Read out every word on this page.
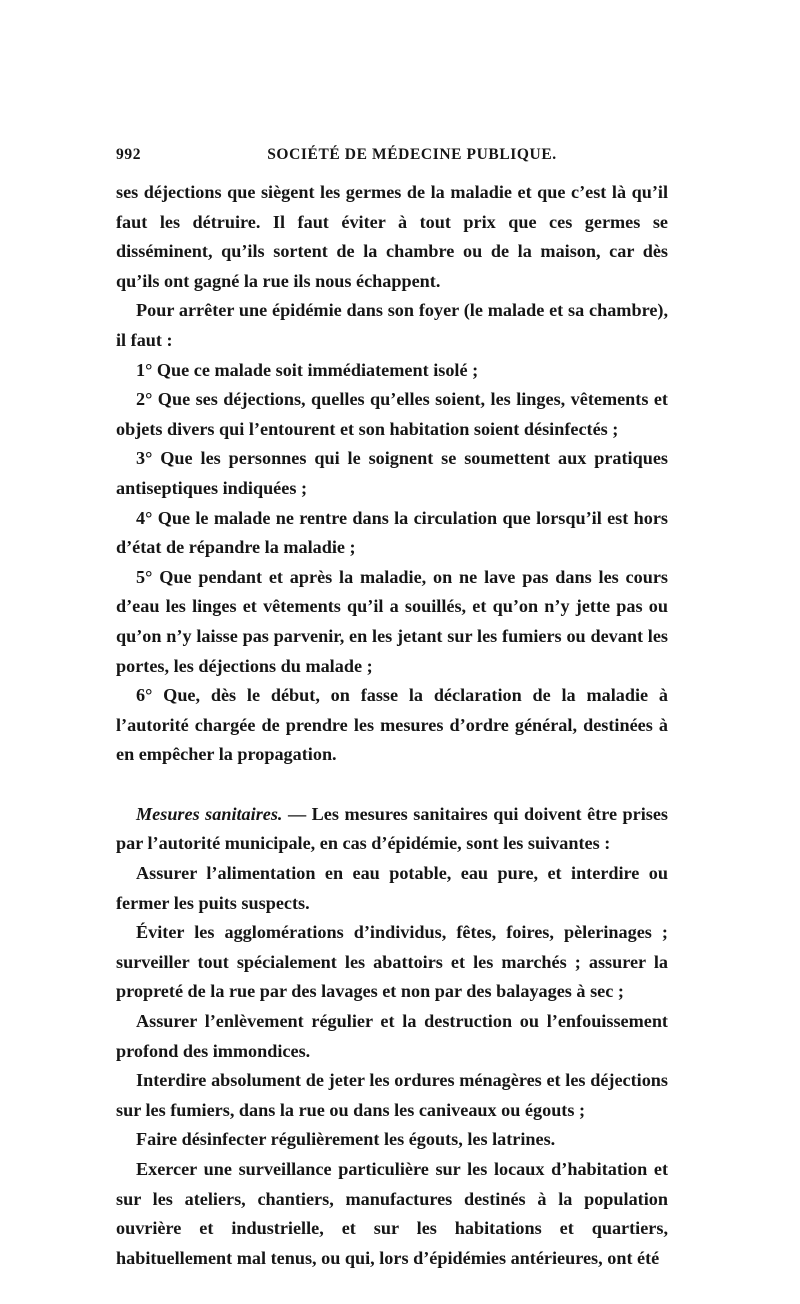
992	SOCIÉTÉ DE MÉDECINE PUBLIQUE.

ses déjections que siègent les germes de la maladie et que c’est là qu’il faut les détruire. Il faut éviter à tout prix que ces germes se disséminent, qu’ils sortent de la chambre ou de la maison, car dès qu’ils ont gagné la rue ils nous échappent.

Pour arrêter une épidémie dans son foyer (le malade et sa chambre), il faut :

1° Que ce malade soit immédiatement isolé ;

2° Que ses déjections, quelles qu’elles soient, les linges, vêtements et objets divers qui l’entourent et son habitation soient désinfectés ;

3° Que les personnes qui le soignent se soumettent aux pratiques antiseptiques indiquées ;

4° Que le malade ne rentre dans la circulation que lorsqu’il est hors d’état de répandre la maladie ;

5° Que pendant et après la maladie, on ne lave pas dans les cours d’eau les linges et vêtements qu’il a souillés, et qu’on n’y jette pas ou qu’on n’y laisse pas parvenir, en les jetant sur les fumiers ou devant les portes, les déjections du malade ;

6° Que, dès le début, on fasse la déclaration de la maladie à l’autorité chargée de prendre les mesures d’ordre général, destinées à en empêcher la propagation.

Mesures sanitaires. — Les mesures sanitaires qui doivent être prises par l’autorité municipale, en cas d’épidémie, sont les suivantes :

Assurer l’alimentation en eau potable, eau pure, et interdire ou fermer les puits suspects.

Éviter les agglomérations d’individus, fêtes, foires, pèlerinages ; surveiller tout spécialement les abattoirs et les marchés ; assurer la propreté de la rue par des lavages et non par des balayages à sec ;

Assurer l’enlèvement régulier et la destruction ou l’enfouissement profond des immondices.

Interdire absolument de jeter les ordures ménagères et les déjections sur les fumiers, dans la rue ou dans les caniveaux ou égouts ;

Faire désinfecter régulièrement les égouts, les latrines.

Exercer une surveillance particulière sur les locaux d’habitation et sur les ateliers, chantiers, manufactures destinés à la population ouvrière et industrielle, et sur les habitations et quartiers, habituellement mal tenus, ou qui, lors d’épidémies antérieures, ont été
